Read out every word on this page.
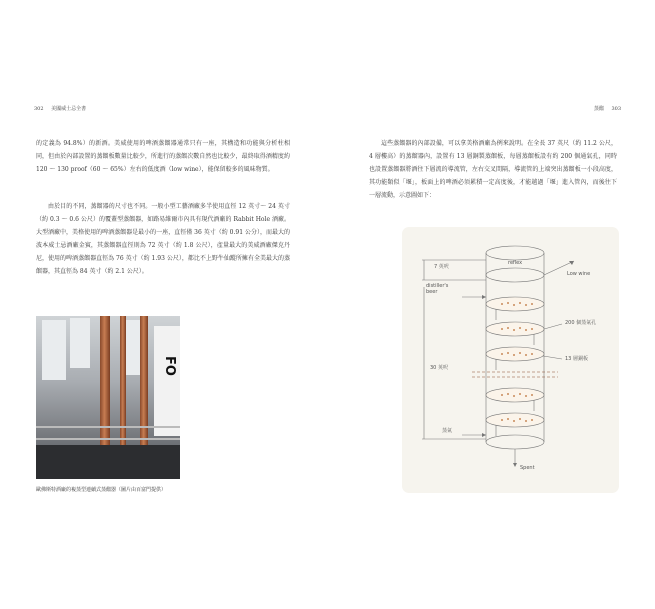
302 美國威士忌全書
的定義為 94.8%）的新酒。美威使用的啤酒蒸餾器通常只有一座，其構造和功能與分析柱相同，但由於內部設置的蒸餾板數量比較少，所進行的蒸餾次數自然也比較少，最終取得酒精度約 120 ～ 130 proof（60 ～ 65%）左右的低度酒（low wine），能保留較多的風味物質。
由於目的不同，蒸餾器的尺寸也不同。一般小型工藝酒廠多半使用直徑 12 英寸～ 24 英寸（約 0.3 ～ 0.6 公尺）的覆蓋型蒸餾器，如路易維爾市內具有現代酒廠的 Rabbit Hole 酒廠。大型酒廠中，美格使用的啤酒蒸餾器是最小的一座，直徑僅 36 英寸（約 0.91 公分），而最大的波本威士忌酒廠金賓，其蒸餾器直徑則為 72 英寸（約 1.8 公尺），產量最大的美威酒廠傑克丹尼，使用的啤酒蒸餾器直徑為 76 英寸（約 1.93 公尺），都比不上野牛仙蹤所擁有全美最大的蒸餾器，其直徑為 84 英寸（約 2.1 公尺）。
FO
歐佛斯特酒廠的複蒸型連續式蒸餾器（圖片由百富門提供）
蒸餾 303
這些蒸餾器的內部設備，可以拿美格酒廠為例來說明。在全長 37 英尺（約 11.2 公尺，4 層樓高）的蒸餾器內，設置有 13 層銅製蒸餾板，每層蒸餾板設有約 200 個通氣孔，同時也設置蒸餾器將酒往下層流的導流管，左右交叉間隔，導流管的上端突出蒸餾板一小段高度，其功能類似「堰」，板面上的啤酒必須累積一定高度後，才能越過「堰」進入管內，而後往下一層流動，示意圖如下：
7 英呎
reflex
Low wine
distiller's
beer
200 個蒸氣孔
13 層銅板
30 英呎
蒸氣
Spent
